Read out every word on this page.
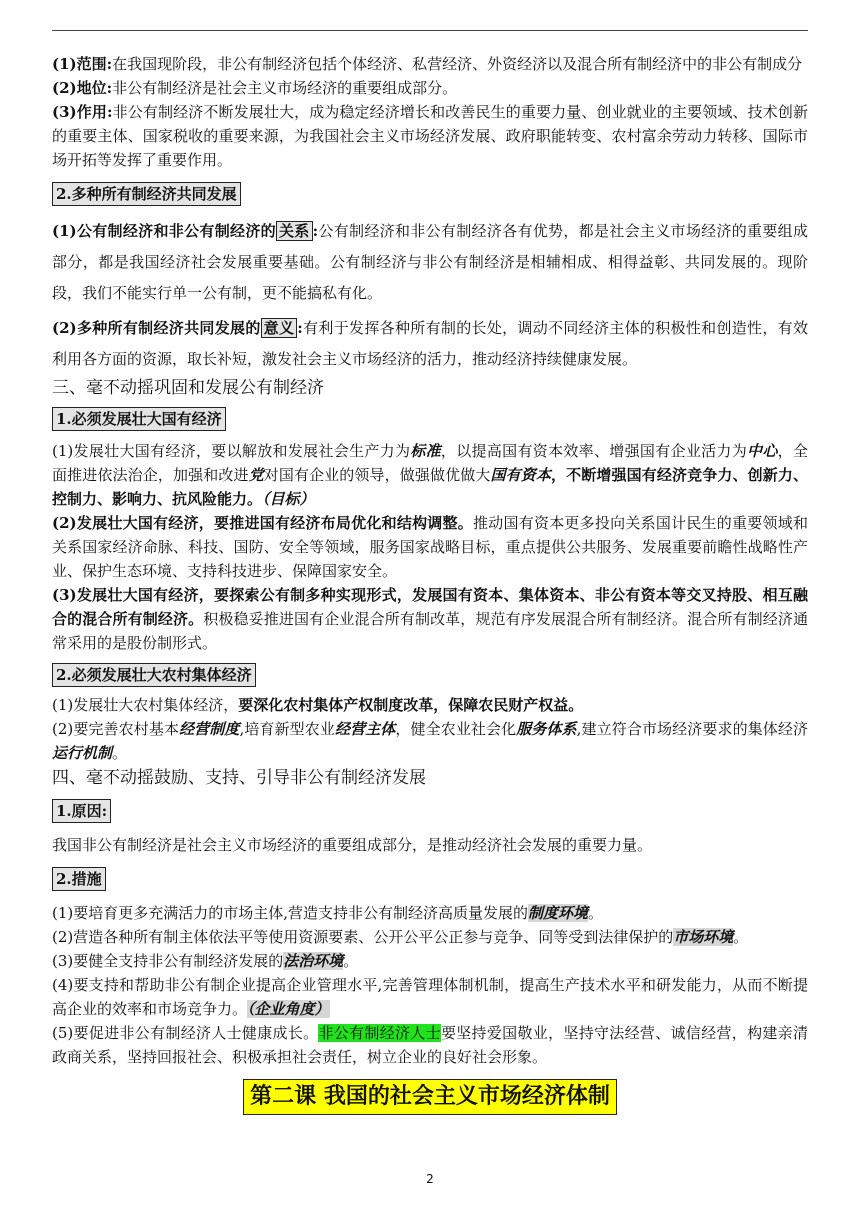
(1)范围:在我国现阶段，非公有制经济包括个体经济、私营经济、外资经济以及混合所有制经济中的非公有制成分

(2)地位:非公有制经济是社会主义市场经济的重要组成部分。

(3)作用:非公有制经济不断发展壮大，成为稳定经济增长和改善民生的重要力量、创业就业的主要领域、技术创新的重要主体、国家税收的重要来源，为我国社会主义市场经济发展、政府职能转变、农村富余劳动力转移、国际市场开拓等发挥了重要作用。

2.多种所有制经济共同发展

(1)公有制经济和非公有制经济的 关系 :公有制经济和非公有制经济各有优势，都是社会主义市场经济的重要组成部分，都是我国经济社会发展重要基础。公有制经济与非公有制经济是相辅相成、相得益彰、共同发展的。现阶段，我们不能实行单一公有制，更不能搞私有化。

(2)多种所有制经济共同发展的 意义 :有利于发挥各种所有制的长处，调动不同经济主体的积极性和创造性，有效利用各方面的资源，取长补短，激发社会主义市场经济的活力，推动经济持续健康发展。

三、毫不动摇巩固和发展公有制经济

1.必须发展壮大国有经济

(1)发展壮大国有经济，要以解放和发展社会生产力为标准，以提高国有资本效率、增强国有企业活力为中心，全面推进依法治企，加强和改进党对国有企业的领导，做强做优做大国有资本，不断增强国有经济竞争力、创新力、控制力、影响力、抗风险能力。（目标）

(2)发展壮大国有经济，要推进国有经济布局优化和结构调整。推动国有资本更多投向关系国计民生的重要领域和关系国家经济命脉、科技、国防、安全等领域，服务国家战略目标，重点提供公共服务、发展重要前瞻性战略性产业、保护生态环境、支持科技进步、保障国家安全。

(3)发展壮大国有经济，要探索公有制多种实现形式，发展国有资本、集体资本、非公有资本等交叉持股、相互融合的混合所有制经济。积极稳妥推进国有企业混合所有制改革，规范有序发展混合所有制经济。混合所有制经济通常采用的是股份制形式。

2.必须发展壮大农村集体经济

(1)发展壮大农村集体经济，要深化农村集体产权制度改革，保障农民财产权益。

(2)要完善农村基本经营制度,培育新型农业经营主体，健全农业社会化服务体系,建立符合市场经济要求的集体经济运行机制。

四、毫不动摇鼓励、支持、引导非公有制经济发展

1.原因:

我国非公有制经济是社会主义市场经济的重要组成部分，是推动经济社会发展的重要力量。

2.措施

(1)要培育更多充满活力的市场主体,营造支持非公有制经济高质量发展的制度环境。

(2)营造各种所有制主体依法平等使用资源要素、公开公平公正参与竞争、同等受到法律保护的市场环境。

(3)要健全支持非公有制经济发展的法治环境。

(4)要支持和帮助非公有制企业提高企业管理水平,完善管理体制机制，提高生产技术水平和研发能力，从而不断提高企业的效率和市场竞争力。（企业角度）

(5)要促进非公有制经济人士健康成长。非公有制经济人士要坚持爱国敬业，坚持守法经营、诚信经营，构建亲清政商关系，坚持回报社会、积极承担社会责任，树立企业的良好社会形象。

第二课 我国的社会主义市场经济体制
2
